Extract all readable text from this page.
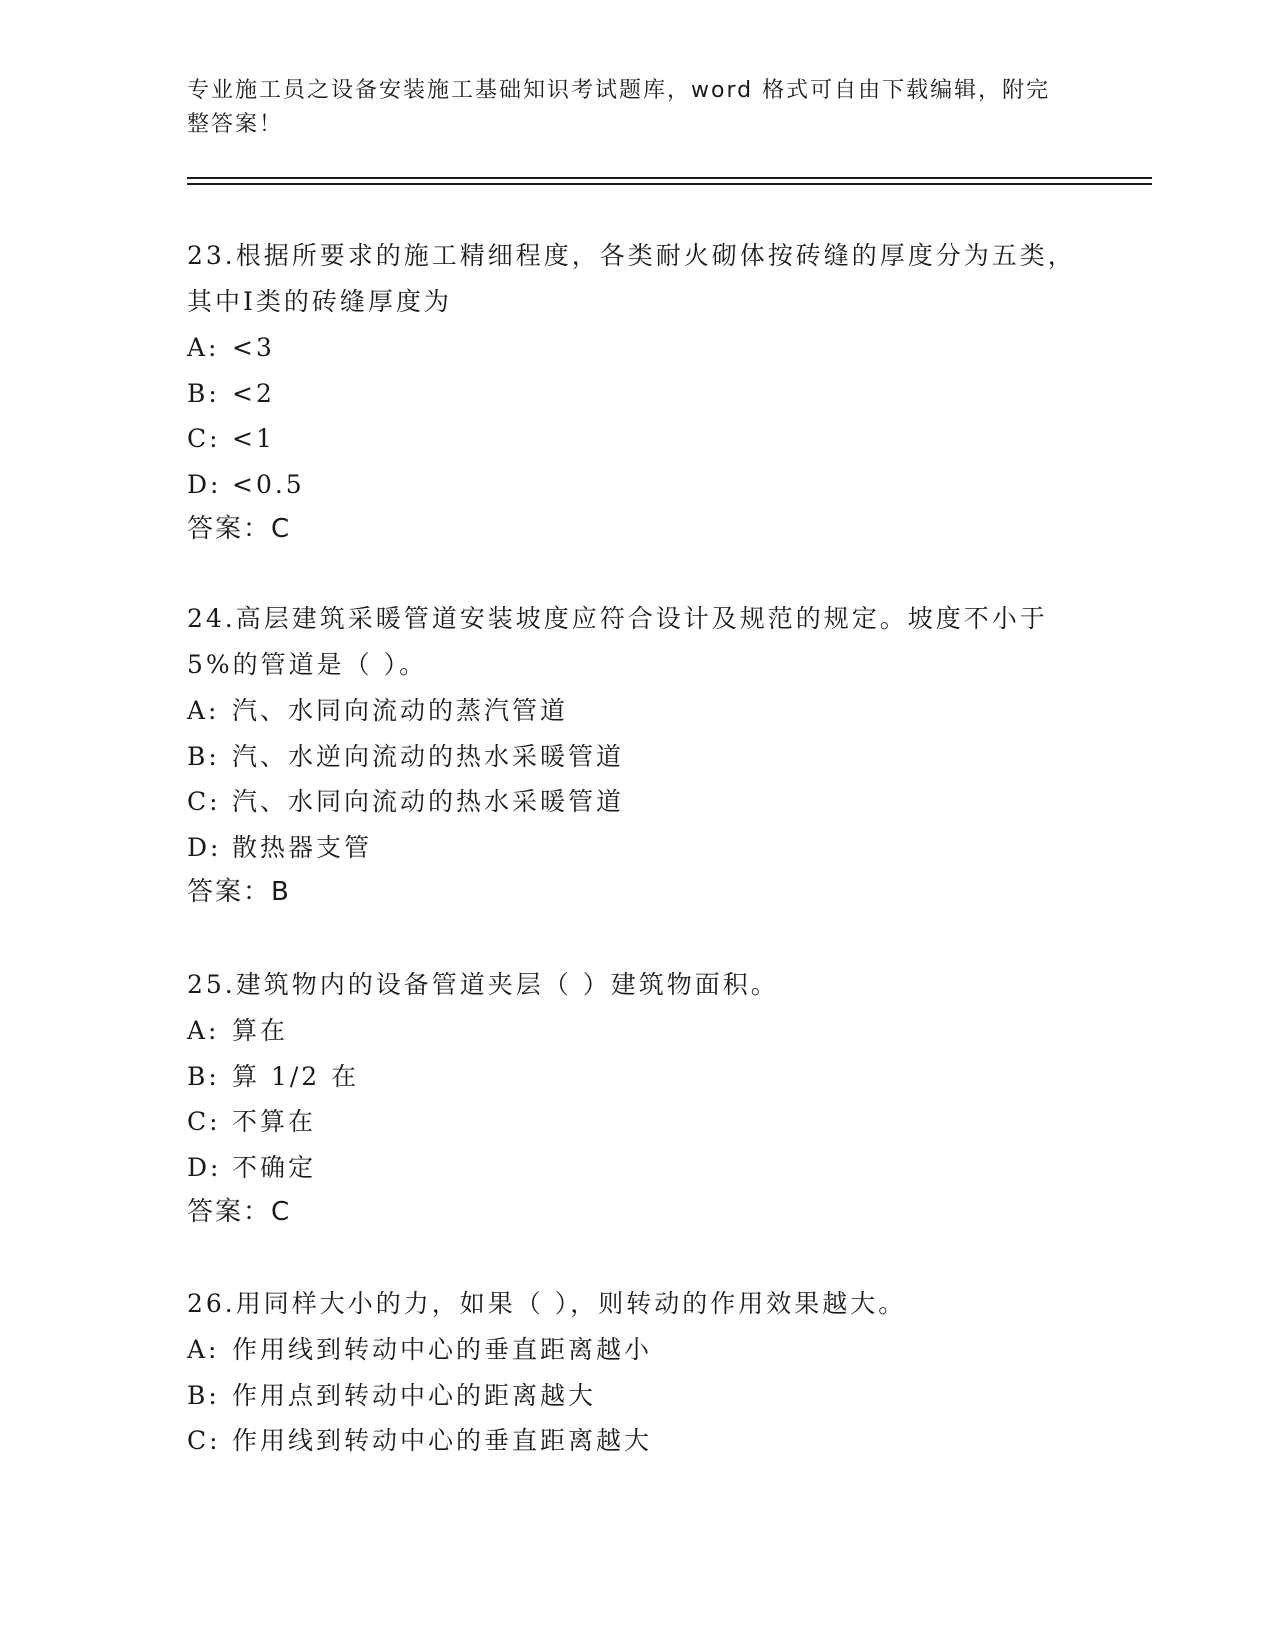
专业施工员之设备安装施工基础知识考试题库，word 格式可自由下载编辑，附完整答案！

23.根据所要求的施工精细程度，各类耐火砌体按砖缝的厚度分为五类，其中Ⅰ类的砖缝厚度为

A: <3

B: <2

C: <1

D: <0.5

答案：C

24.高层建筑采暖管道安装坡度应符合设计及规范的规定。坡度不小于5%的管道是（ ）。

A: 汽、水同向流动的蒸汽管道

B: 汽、水逆向流动的热水采暖管道

C: 汽、水同向流动的热水采暖管道

D: 散热器支管

答案：B

25.建筑物内的设备管道夹层（ ）建筑物面积。

A: 算在

B: 算 1/2 在

C: 不算在

D: 不确定

答案：C

26.用同样大小的力，如果（ ），则转动的作用效果越大。

A: 作用线到转动中心的垂直距离越小

B: 作用点到转动中心的距离越大

C: 作用线到转动中心的垂直距离越大
